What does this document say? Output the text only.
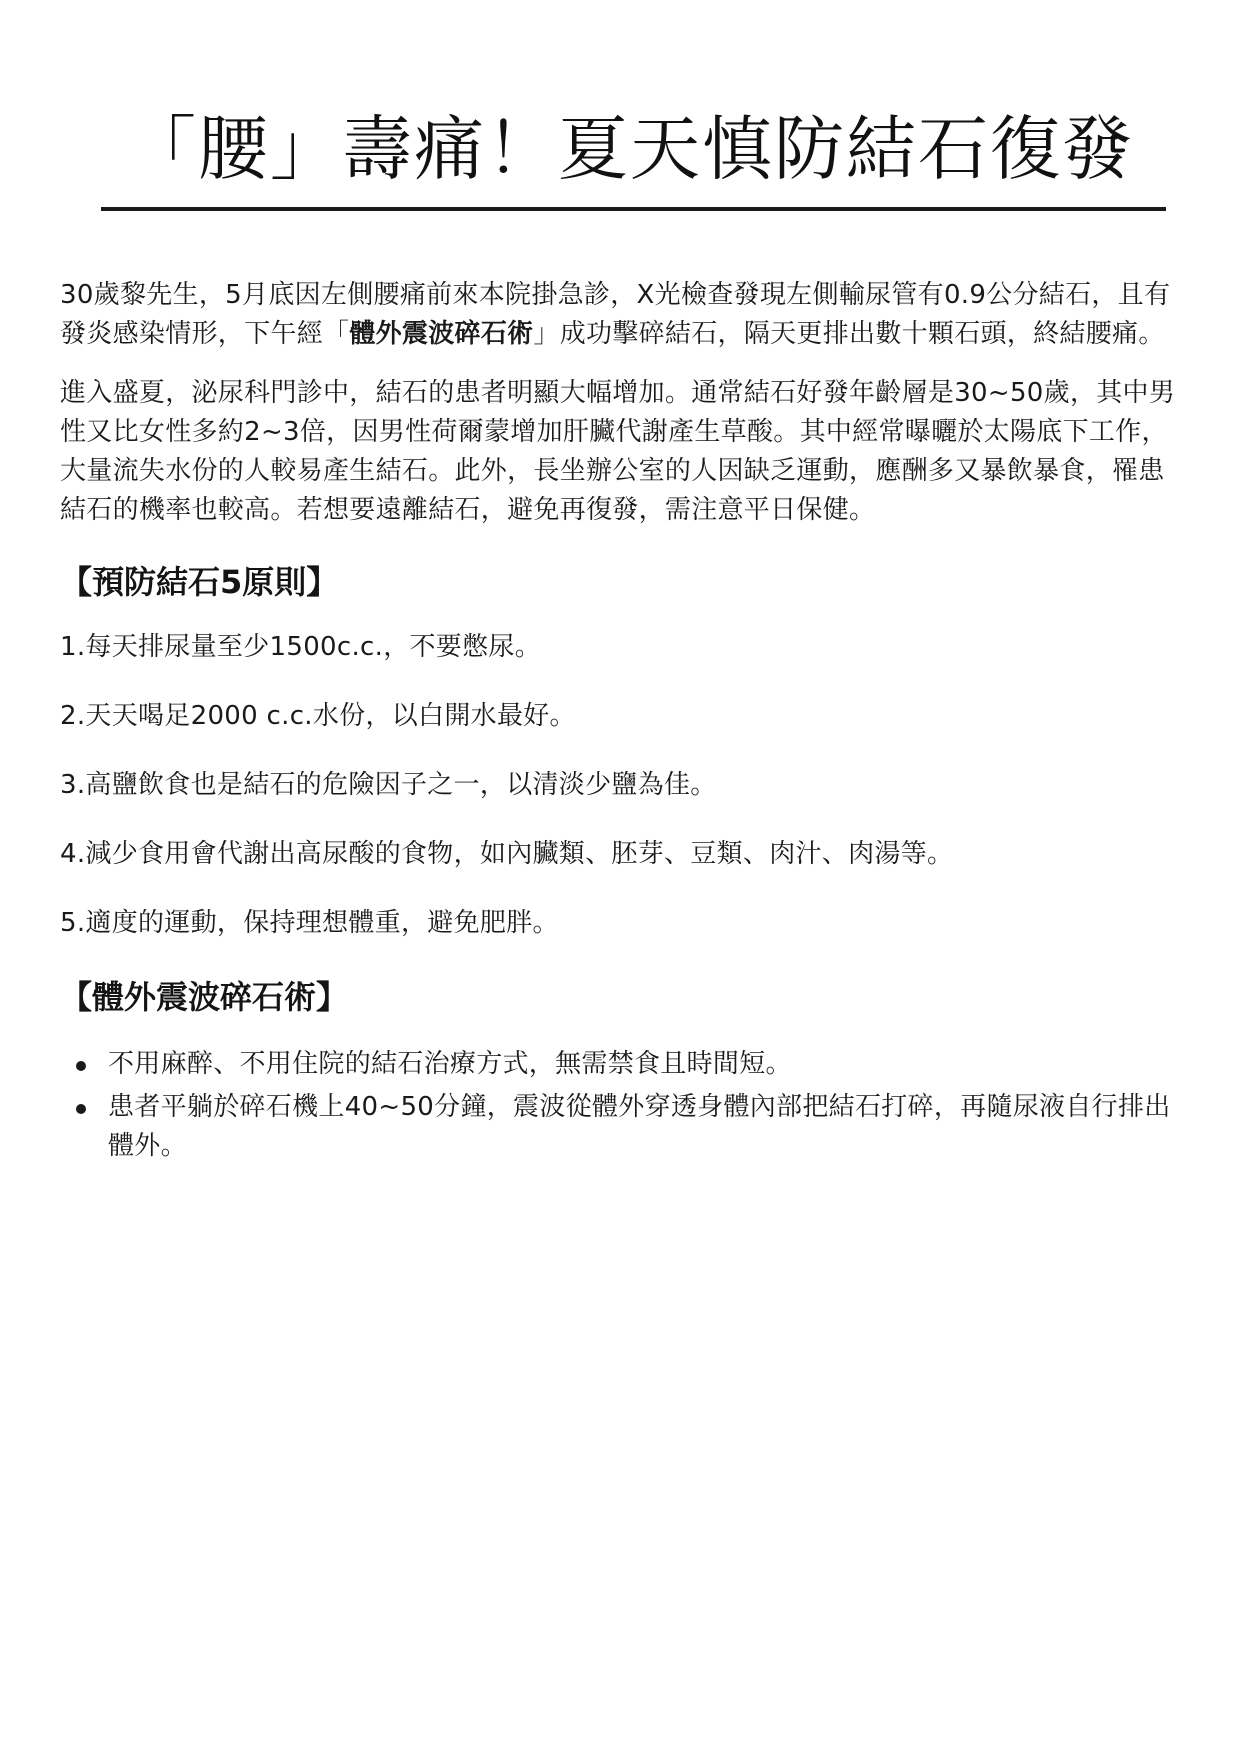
「腰」壽痛！夏天慎防結石復發

30歲黎先生，5月底因左側腰痛前來本院掛急診，X光檢查發現左側輸尿管有0.9公分結石，且有發炎感染情形，下午經「體外震波碎石術」成功擊碎結石，隔天更排出數十顆石頭，終結腰痛。

進入盛夏，泌尿科門診中，結石的患者明顯大幅增加。通常結石好發年齡層是30~50歲，其中男性又比女性多約2~3倍，因男性荷爾蒙增加肝臟代謝產生草酸。其中經常曝曬於太陽底下工作，大量流失水份的人較易產生結石。此外，長坐辦公室的人因缺乏運動，應酬多又暴飲暴食，罹患結石的機率也較高。若想要遠離結石，避免再復發，需注意平日保健。

【預防結石5原則】
1.每天排尿量至少1500c.c.，不要憋尿。
2.天天喝足2000 c.c.水份，以白開水最好。
3.高鹽飲食也是結石的危險因子之一，以清淡少鹽為佳。
4.減少食用會代謝出高尿酸的食物，如內臟類、胚芽、豆類、肉汁、肉湯等。
5.適度的運動，保持理想體重，避免肥胖。
【體外震波碎石術】
不用麻醉、不用住院的結石治療方式，無需禁食且時間短。
患者平躺於碎石機上40~50分鐘，震波從體外穿透身體內部把結石打碎，再隨尿液自行排出體外。
